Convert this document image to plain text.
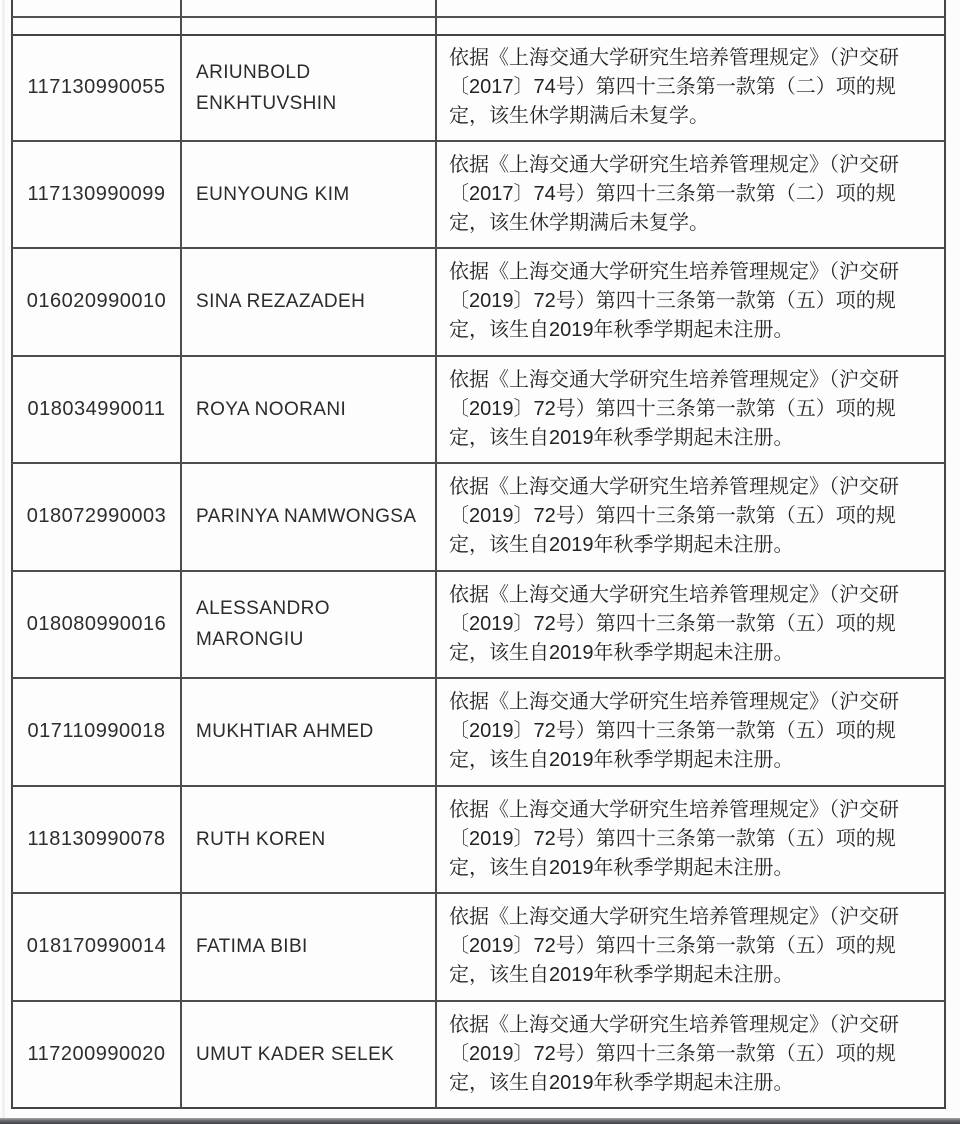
117130990055	ARIUNBOLD ENKHTUVSHIN	依据《上海交通大学研究生培养管理规定》（沪交研〔2017〕74号）第四十三条第一款第（二）项的规定，该生休学期满后未复学。
117130990099	EUNYOUNG KIM	依据《上海交通大学研究生培养管理规定》（沪交研〔2017〕74号）第四十三条第一款第（二）项的规定，该生休学期满后未复学。
016020990010	SINA REZAZADEH	依据《上海交通大学研究生培养管理规定》（沪交研〔2019〕72号）第四十三条第一款第（五）项的规定，该生自2019年秋季学期起未注册。
018034990011	ROYA NOORANI	依据《上海交通大学研究生培养管理规定》（沪交研〔2019〕72号）第四十三条第一款第（五）项的规定，该生自2019年秋季学期起未注册。
018072990003	PARINYA NAMWONGSA	依据《上海交通大学研究生培养管理规定》（沪交研〔2019〕72号）第四十三条第一款第（五）项的规定，该生自2019年秋季学期起未注册。
018080990016	ALESSANDRO MARONGIU	依据《上海交通大学研究生培养管理规定》（沪交研〔2019〕72号）第四十三条第一款第（五）项的规定，该生自2019年秋季学期起未注册。
017110990018	MUKHTIAR AHMED	依据《上海交通大学研究生培养管理规定》（沪交研〔2019〕72号）第四十三条第一款第（五）项的规定，该生自2019年秋季学期起未注册。
118130990078	RUTH KOREN	依据《上海交通大学研究生培养管理规定》（沪交研〔2019〕72号）第四十三条第一款第（五）项的规定，该生自2019年秋季学期起未注册。
018170990014	FATIMA BIBI	依据《上海交通大学研究生培养管理规定》（沪交研〔2019〕72号）第四十三条第一款第（五）项的规定，该生自2019年秋季学期起未注册。
117200990020	UMUT KADER SELEK	依据《上海交通大学研究生培养管理规定》（沪交研〔2019〕72号）第四十三条第一款第（五）项的规定，该生自2019年秋季学期起未注册。
